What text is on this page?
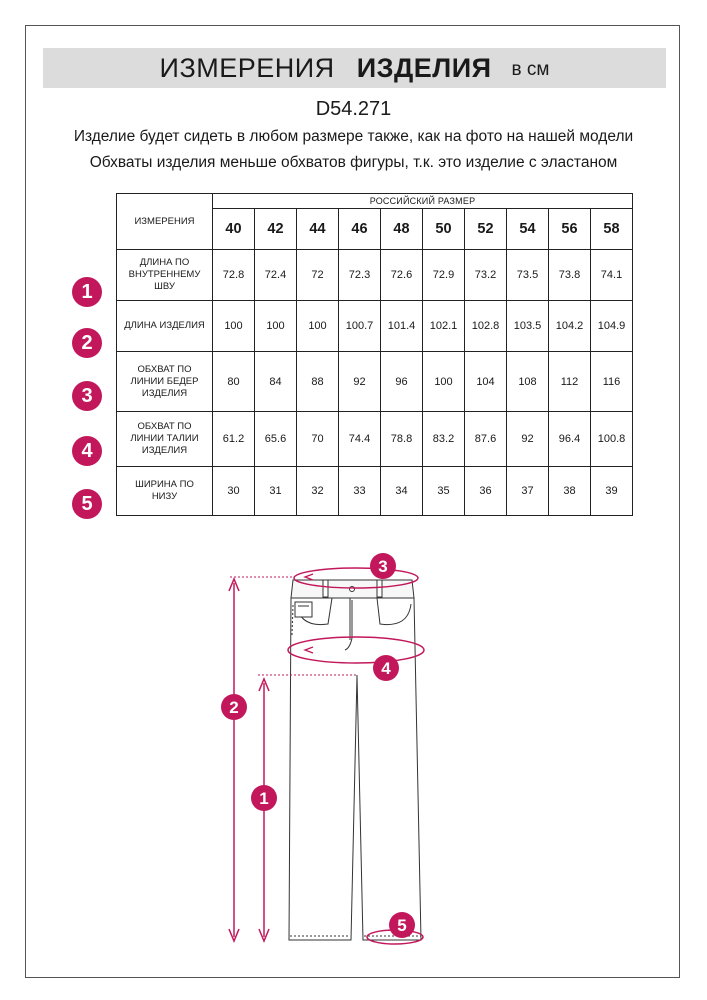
ИЗМЕРЕНИЯ ИЗДЕЛИЯ в см
D54.271
Изделие будет сидеть в любом размере также, как на фото на нашей модели
Обхваты изделия меньше обхватов фигуры, т.к. это изделие с эластаном
ИЗМЕРЕНИЯ	РОССИЙСКИЙ РАЗМЕР									
	40	42	44	46	48	50	52	54	56	58
ДЛИНА ПО
ВНУТРЕННЕМУ
ШВУ	72.8	72.4	72	72.3	72.6	72.9	73.2	73.5	73.8	74.1
ДЛИНА ИЗДЕЛИЯ	100	100	100	100.7	101.4	102.1	102.8	103.5	104.2	104.9
ОБХВАТ ПО
ЛИНИИ БЕДЕР
ИЗДЕЛИЯ	80	84	88	92	96	100	104	108	112	116
ОБХВАТ ПО
ЛИНИИ ТАЛИИ
ИЗДЕЛИЯ	61.2	65.6	70	74.4	78.8	83.2	87.6	92	96.4	100.8
ШИРИНА ПО
НИЗУ	30	31	32	33	34	35	36	37	38	39
1
2
3
4
5
3
4
2
1
5
